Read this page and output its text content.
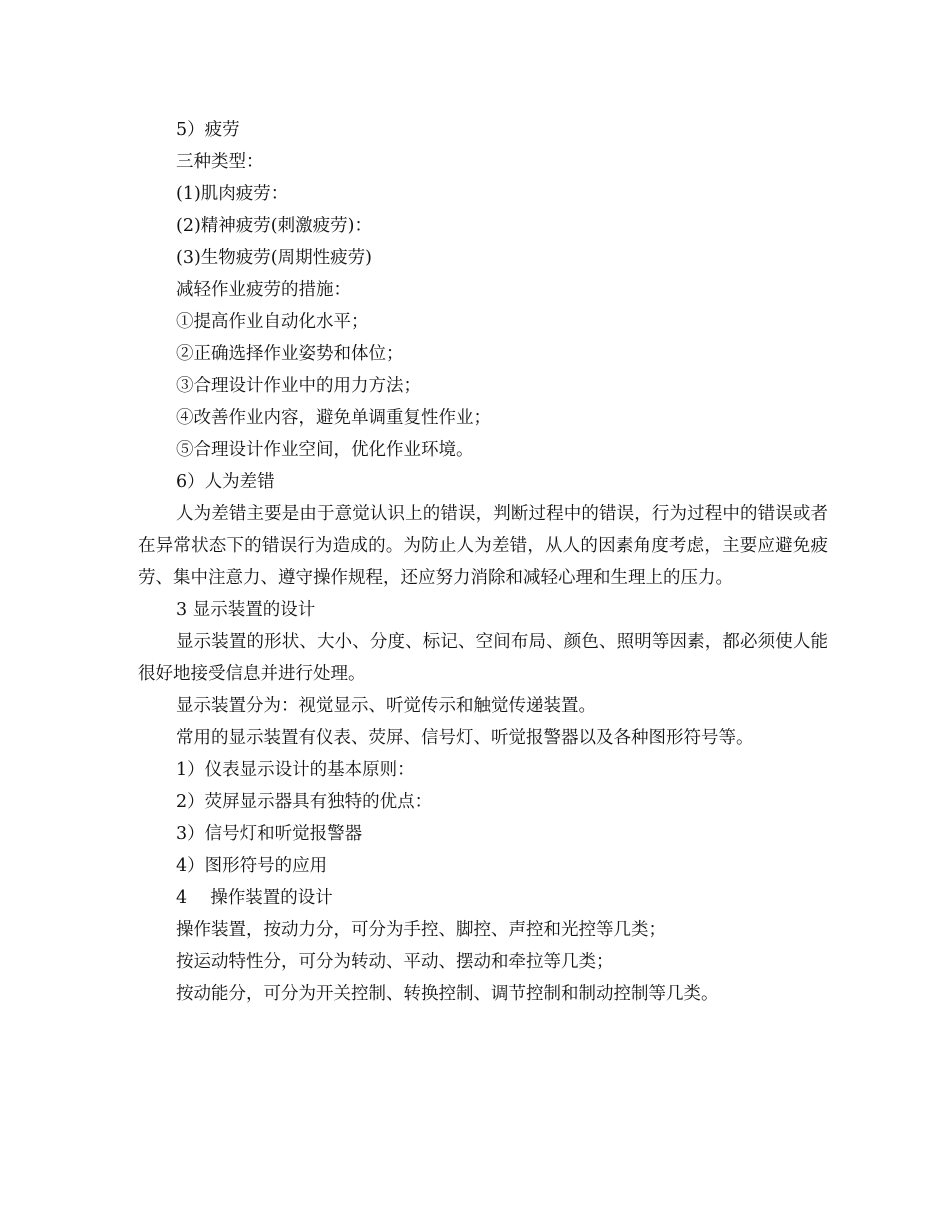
5）疲劳
三种类型：
(1)肌肉疲劳：
(2)精神疲劳(刺激疲劳)：
(3)生物疲劳(周期性疲劳)
减轻作业疲劳的措施：
①提高作业自动化水平；
②正确选择作业姿势和体位；
③合理设计作业中的用力方法；
④改善作业内容，避免单调重复性作业；
⑤合理设计作业空间，优化作业环境。
6）人为差错
人为差错主要是由于意觉认识上的错误，判断过程中的错误，行为过程中的错误或者在异常状态下的错误行为造成的。为防止人为差错，从人的因素角度考虑，主要应避免疲劳、集中注意力、遵守操作规程，还应努力消除和减轻心理和生理上的压力。
3 显示装置的设计
显示装置的形状、大小、分度、标记、空间布局、颜色、照明等因素，都必须使人能很好地接受信息并进行处理。
显示装置分为：视觉显示、听觉传示和触觉传递装置。
常用的显示装置有仪表、荧屏、信号灯、听觉报警器以及各种图形符号等。
1）仪表显示设计的基本原则：
2）荧屏显示器具有独特的优点：
3）信号灯和听觉报警器
4）图形符号的应用
4　 操作装置的设计
操作装置，按动力分，可分为手控、脚控、声控和光控等几类；
按运动特性分，可分为转动、平动、摆动和牵拉等几类；
按动能分，可分为开关控制、转换控制、调节控制和制动控制等几类。
